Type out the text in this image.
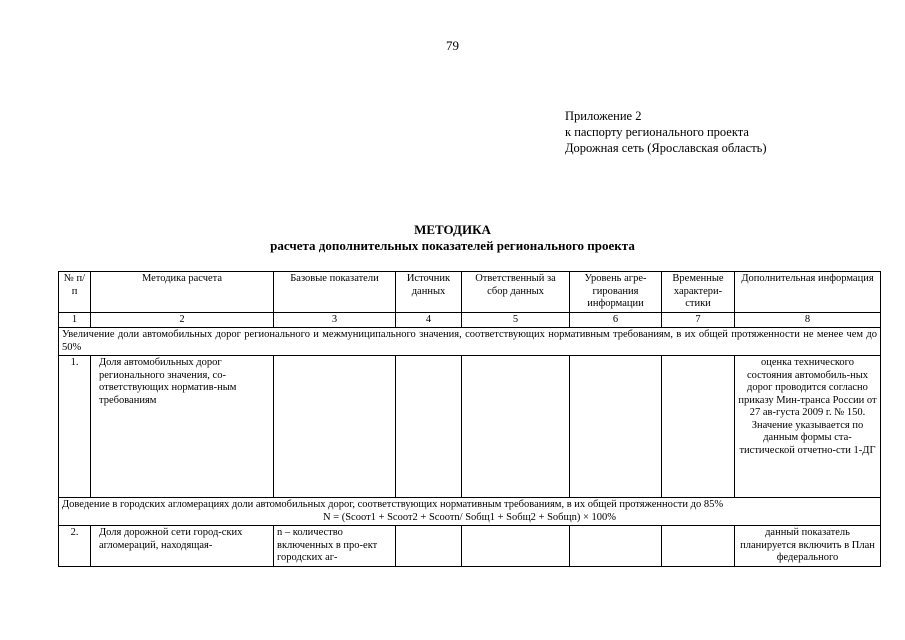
79
Приложение 2
к паспорту регионального проекта
Дорожная сеть (Ярославская область)
МЕТОДИКА
расчета дополнительных показателей регионального проекта
№ п/п	Методика расчета	Базовые показатели	Источник данных	Ответственный за сбор данных	Уровень агре-гирования информации	Временные характери-стики	Дополнительная информация
1	2	3	4	5	6	7	8
Увеличение доли автомобильных дорог регионального и межмуниципального значения, соответствующих нормативным требованиям, в их общей протяженности не менее чем до 50%							
1.	Доля автомобильных дорог регионального значения, со-ответствующих норматив-ным требованиям						оценка технического состояния автомобиль-ных дорог проводится согласно приказу Мин-транса России от 27 ав-густа 2009 г. № 150. Значение указывается по данным формы ста-тистической отчетно-сти 1-ДГ

Доведение в городских агломерациях доли автомобильных дорог, соответствующих нормативным требованиям, в их общей протяженности до 85%
N = (Sсоот1 + Sсоот2 + Sсоотn/ Sобщ1 + Sобщ2 + Sобщn) × 100%							

2.	Доля дорожной сети город-ских агломераций, находящая-	n – количество включенных в про-ект городских аг-					данный показатель планируется включить в План федерального
